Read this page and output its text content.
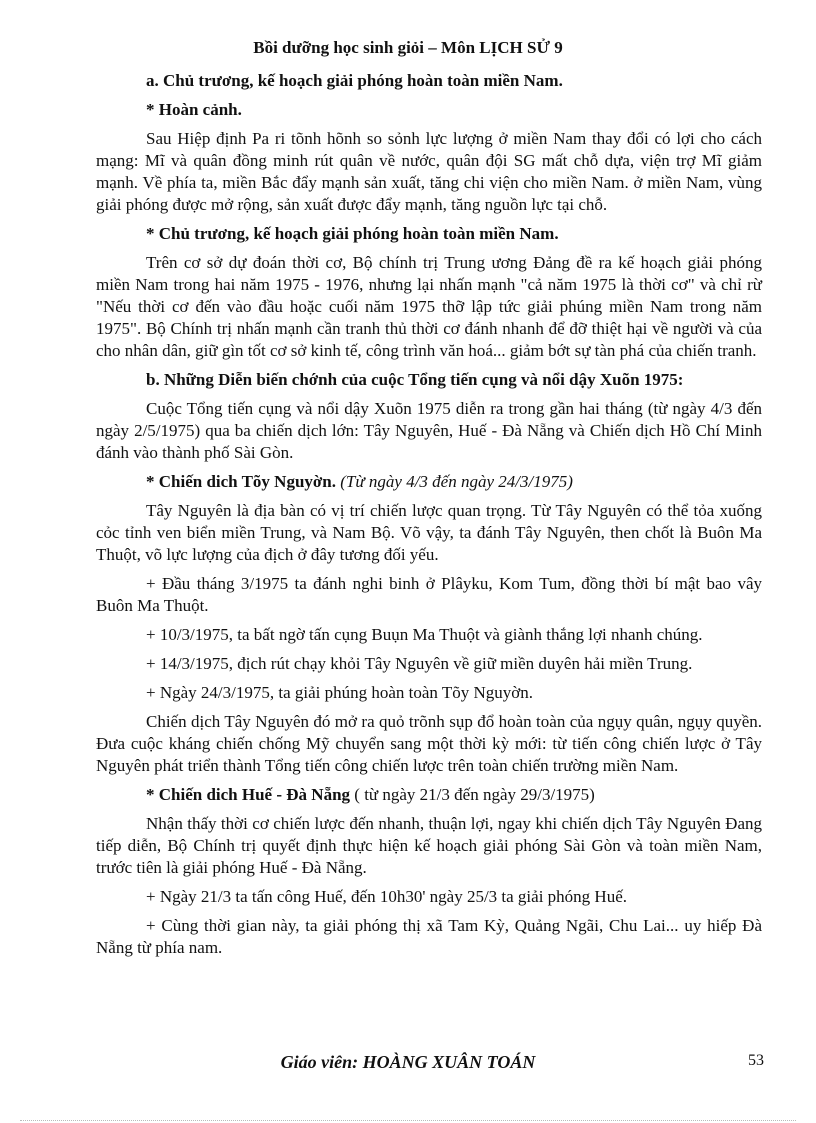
Bồi dưỡng học sinh giỏi – Môn LỊCH SỬ 9

a. Chủ trương, kế hoạch giải phóng hoàn toàn miền Nam.

* Hoàn cảnh.

Sau Hiệp định Pa ri tõnh hõnh so sỏnh lực lượng ở miền Nam thay đổi có lợi cho cách mạng: Mĩ và quân đồng minh rút quân về nước, quân đội SG mất chỗ dựa, viện trợ Mĩ giảm mạnh. Về phía ta, miền Bắc đẩy mạnh sản xuất, tăng chi viện cho miền Nam. ở miền Nam, vùng giải phóng được mở rộng, sản xuất được đẩy mạnh, tăng nguồn lực tại chỗ.

* Chủ trương, kế hoạch giải phóng hoàn toàn miền Nam.

Trên cơ sở dự đoán thời cơ, Bộ chính trị Trung ương Đảng đề ra kế hoạch giải phóng miền Nam trong hai năm 1975 - 1976, nhưng lại nhấn mạnh "cả năm 1975 là thời cơ" và chỉ rừ "Nếu thời cơ đến vào đầu hoặc cuối năm 1975 thỡ lập tức giải phúng miền Nam trong năm 1975". Bộ Chính trị nhấn mạnh cần tranh thủ thời cơ đánh nhanh để đỡ thiệt hại về người và của cho nhân dân, giữ gìn tốt cơ sở kinh tế, công trình văn hoá... giảm bớt sự tàn phá của chiến tranh.

b. Những Diễn biến chớnh của cuộc Tổng tiến cụng và nổi dậy Xuõn 1975:

Cuộc Tổng tiến cụng và nổi dậy Xuõn 1975 diễn ra trong gần hai tháng (từ ngày 4/3 đến ngày 2/5/1975) qua ba chiến dịch lớn: Tây Nguyên, Huế - Đà Nẵng và Chiến dịch Hồ Chí Minh đánh vào thành phố Sài Gòn.

* Chiến dich Tõy Nguyờn. (Từ ngày 4/3 đến ngày 24/3/1975)

Tây Nguyên là địa bàn có vị trí chiến lược quan trọng. Từ Tây Nguyên có thể tỏa xuống cỏc tỉnh ven biển miền Trung, và Nam Bộ. Võ vậy, ta đánh Tây Nguyên, then chốt là Buôn Ma Thuột, võ lực lượng của địch ở đây tương đối yếu.

+ Đầu tháng 3/1975 ta đánh nghi binh ở Plâyku, Kom Tum, đồng thời bí mật bao vây Buôn Ma Thuột.

+ 10/3/1975, ta bất ngờ tấn cụng Buụn Ma Thuột và giành thắng lợi nhanh chúng.

+ 14/3/1975, địch rút chạy khỏi Tây Nguyên về giữ miền duyên hải miền Trung.

+ Ngày 24/3/1975, ta giải phúng hoàn toàn Tõy Nguyờn.

Chiến dịch Tây Nguyên đó mở ra quỏ trõnh sụp đổ hoàn toàn của ngụy quân, ngụy quyền. Đưa cuộc kháng chiến chống Mỹ chuyển sang một thời kỳ mới: từ tiến công chiến lược ở Tây Nguyên phát triển thành Tổng tiến công chiến lược trên toàn chiến trường miền Nam.

* Chiến dich Huế - Đà Nẵng ( từ ngày 21/3 đến ngày 29/3/1975)

Nhận thấy thời cơ chiến lược đến nhanh, thuận lợi, ngay khi chiến dịch Tây Nguyên Đang tiếp diễn, Bộ Chính trị quyết định thực hiện kế hoạch giải phóng Sài Gòn và toàn miền Nam, trước tiên là giải phóng Huế - Đà Nẵng.

+ Ngày 21/3 ta tấn công Huế, đến 10h30' ngày 25/3 ta giải phóng Huế.

+ Cùng thời gian này, ta giải phóng thị xã Tam Kỳ, Quảng Ngãi, Chu Lai... uy hiếp Đà Nẵng từ phía nam.

Giáo viên: HOÀNG XUÂN TOÁN	53
